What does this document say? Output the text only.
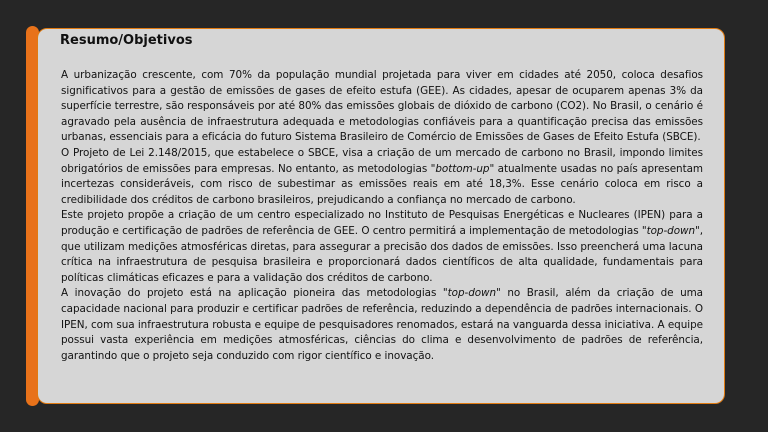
Resumo/Objetivos

A urbanização crescente, com 70% da população mundial projetada para viver em cidades até 2050, coloca desafios significativos para a gestão de emissões de gases de efeito estufa (GEE). As cidades, apesar de ocuparem apenas 3% da superfície terrestre, são responsáveis por até 80% das emissões globais de dióxido de carbono (CO2). No Brasil, o cenário é agravado pela ausência de infraestrutura adequada e metodologias confiáveis para a quantificação precisa das emissões urbanas, essenciais para a eficácia do futuro Sistema Brasileiro de Comércio de Emissões de Gases de Efeito Estufa (SBCE).

O Projeto de Lei 2.148/2015, que estabelece o SBCE, visa a criação de um mercado de carbono no Brasil, impondo limites obrigatórios de emissões para empresas. No entanto, as metodologias "bottom-up" atualmente usadas no país apresentam incertezas consideráveis, com risco de subestimar as emissões reais em até 18,3%. Esse cenário coloca em risco a credibilidade dos créditos de carbono brasileiros, prejudicando a confiança no mercado de carbono.

Este projeto propõe a criação de um centro especializado no Instituto de Pesquisas Energéticas e Nucleares (IPEN) para a produção e certificação de padrões de referência de GEE. O centro permitirá a implementação de metodologias "top-down", que utilizam medições atmosféricas diretas, para assegurar a precisão dos dados de emissões. Isso preencherá uma lacuna crítica na infraestrutura de pesquisa brasileira e proporcionará dados científicos de alta qualidade, fundamentais para políticas climáticas eficazes e para a validação dos créditos de carbono.

A inovação do projeto está na aplicação pioneira das metodologias "top-down" no Brasil, além da criação de uma capacidade nacional para produzir e certificar padrões de referência, reduzindo a dependência de padrões internacionais. O IPEN, com sua infraestrutura robusta e equipe de pesquisadores renomados, estará na vanguarda dessa iniciativa. A equipe possui vasta experiência em medições atmosféricas, ciências do clima e desenvolvimento de padrões de referência, garantindo que o projeto seja conduzido com rigor científico e inovação.
